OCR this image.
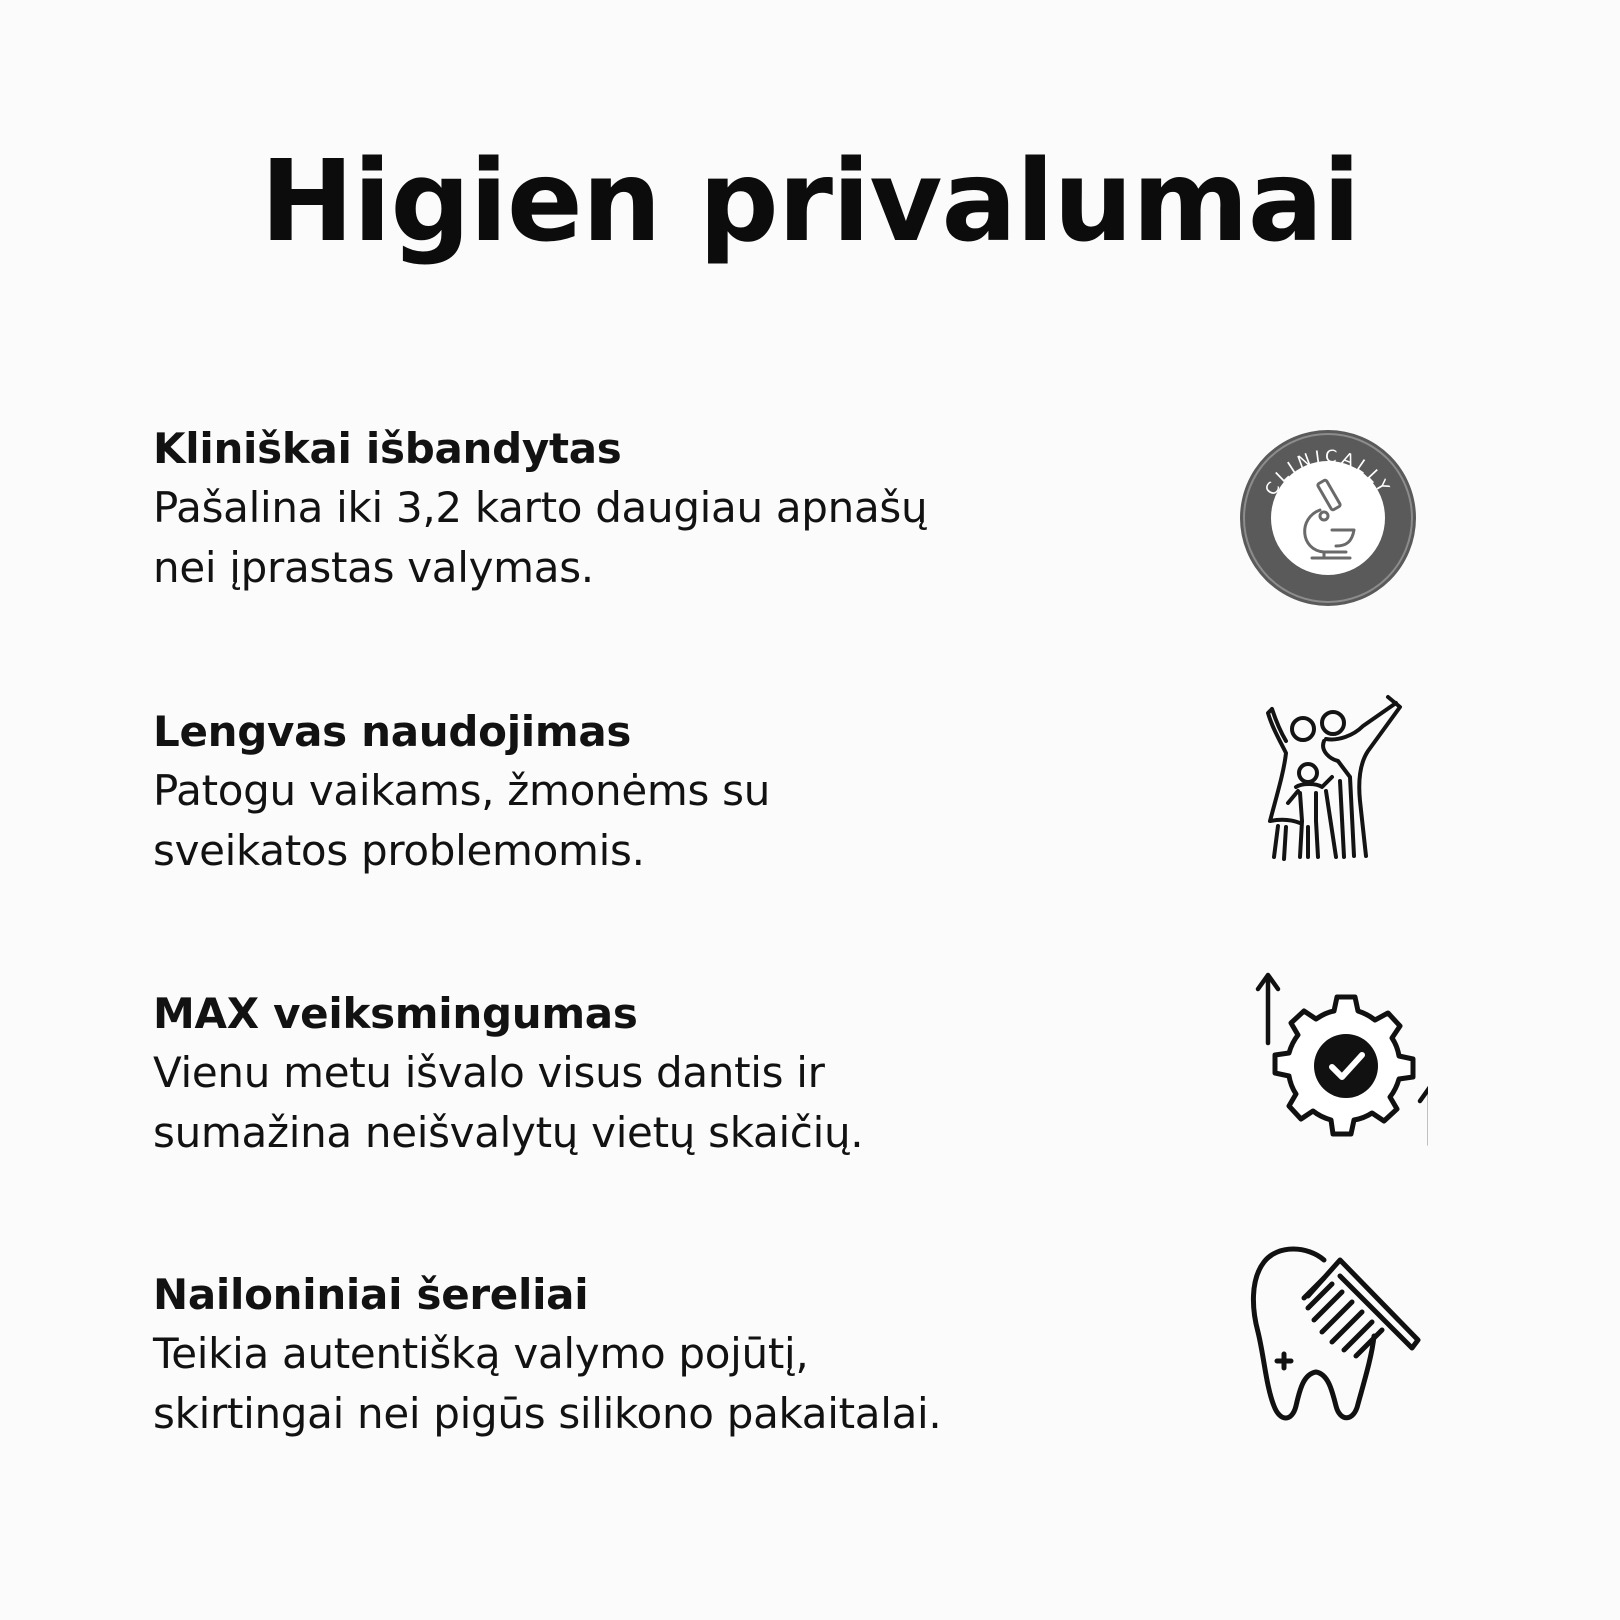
Higien privalumai
Kliniškai išbandytas
Pašalina iki 3,2 karto daugiau apnašų
nei įprastas valymas.
CLINICALLY
TESTED
Lengvas naudojimas
Patogu vaikams, žmonėms su
sveikatos problemomis.
MAX veiksmingumas
Vienu metu išvalo visus dantis ir
sumažina neišvalytų vietų skaičių.
Nailoniniai šereliai
Teikia autentišką valymo pojūtį,
skirtingai nei pigūs silikono pakaitalai.
